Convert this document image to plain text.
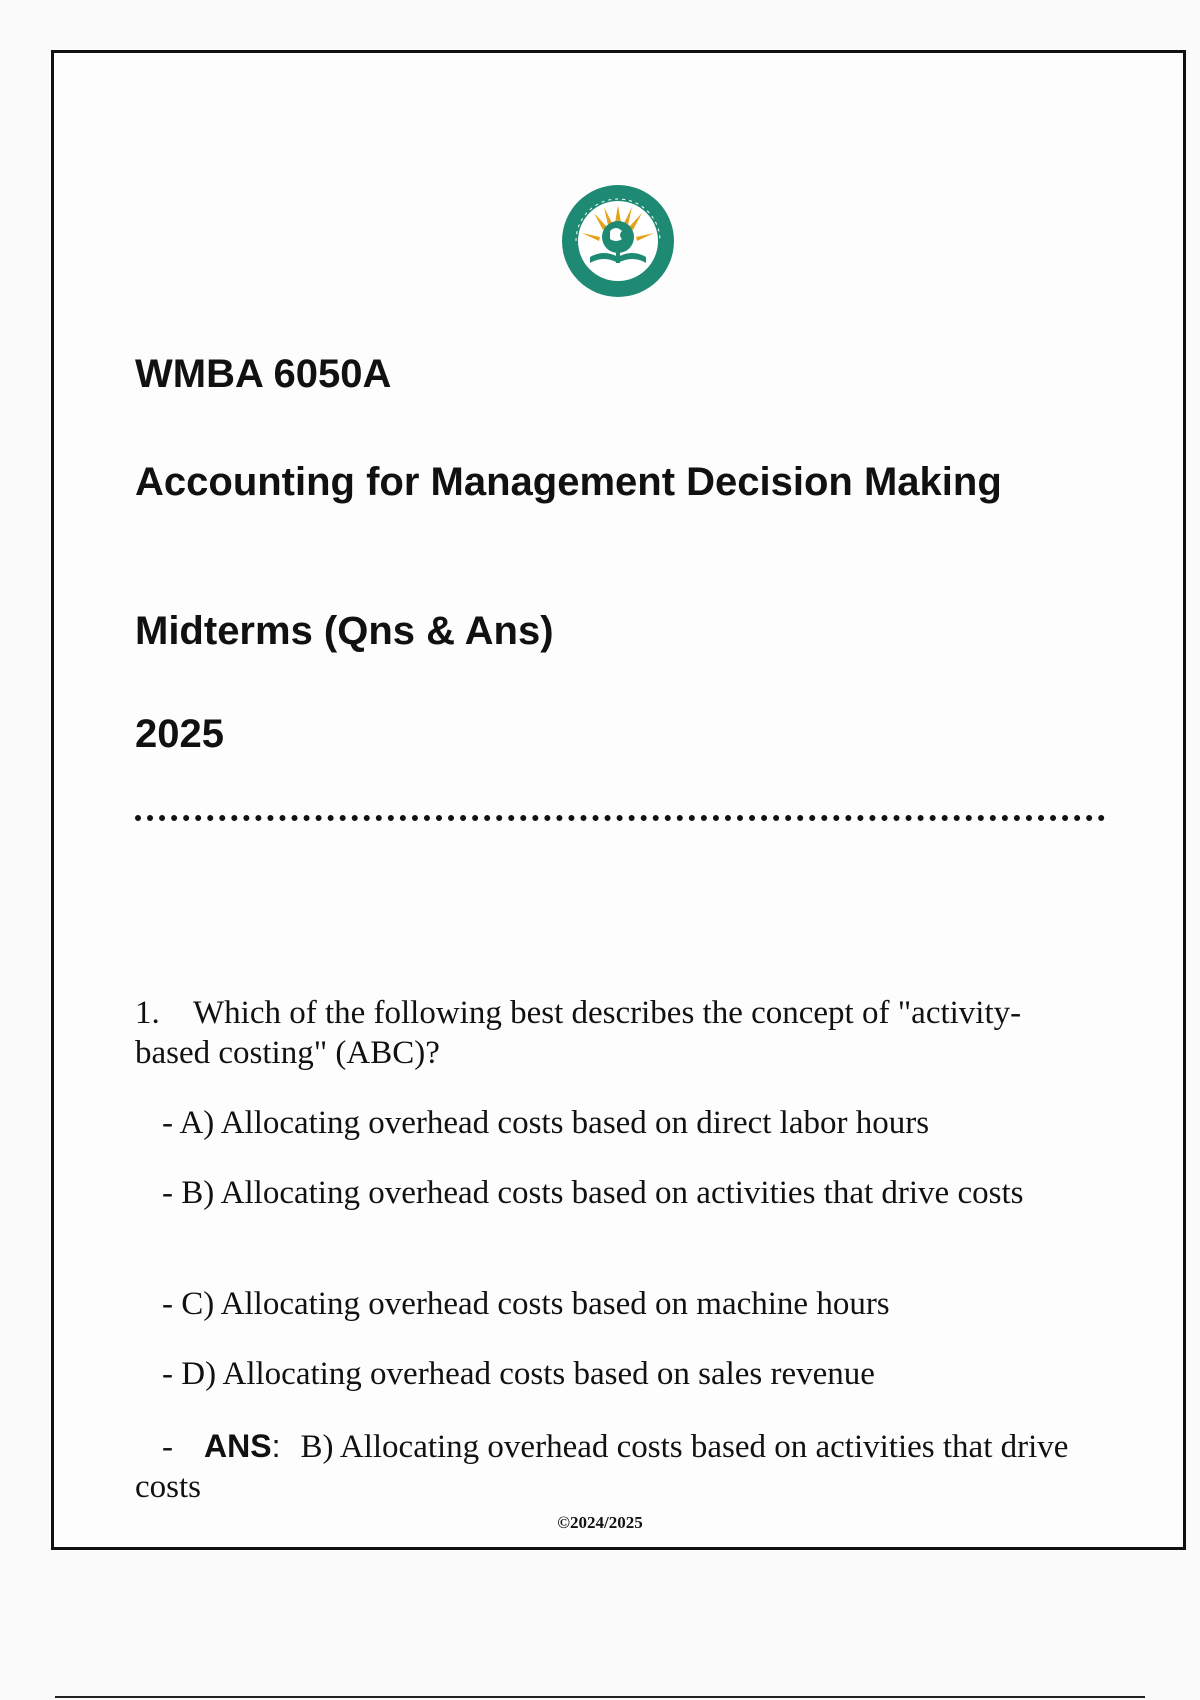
WMBA 6050A
Accounting for Management Decision Making
Midterms (Qns & Ans)
2025
1. Which of the following best describes the concept of "activity-based costing" (ABC)?

- A) Allocating overhead costs based on direct labor hours

- B) Allocating overhead costs based on activities that drive costs

- C) Allocating overhead costs based on machine hours

- D) Allocating overhead costs based on sales revenue

- ANS: B) Allocating overhead costs based on activities that drive costs
©2024/2025
